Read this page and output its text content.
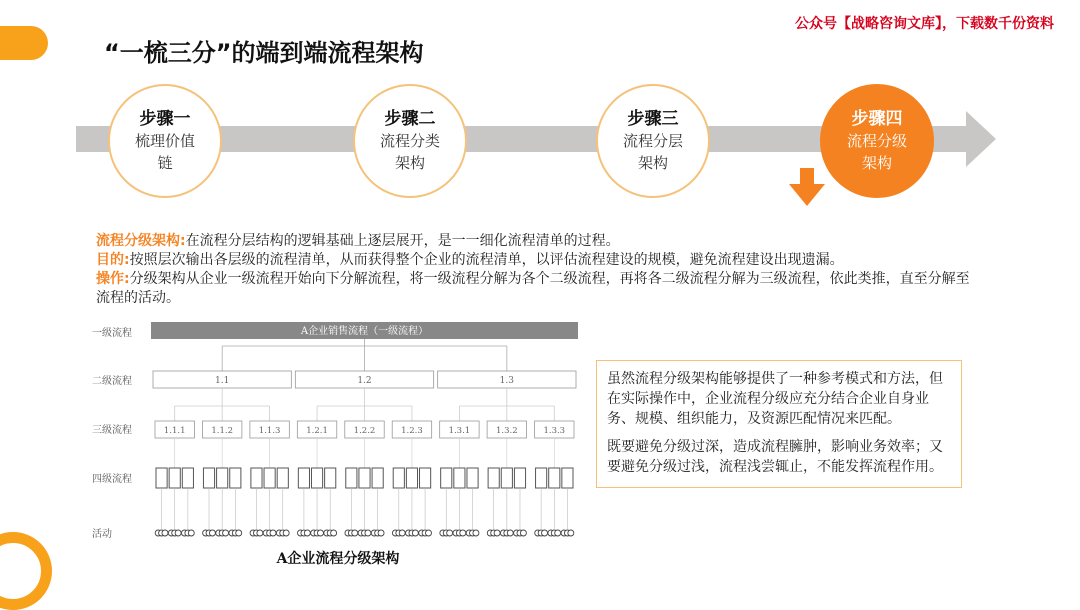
“一梳三分”的端到端流程架构
公众号【战略咨询文库】，下载数千份资料
步骤一
梳理价值链
步骤二
流程分类架构
步骤三
流程分层架构
步骤四
流程分级架构
流程分级架构:在流程分层结构的逻辑基础上逐层展开，是一一细化流程清单的过程。
目的:按照层次输出各层级的流程清单，从而获得整个企业的流程清单，以评估流程建设的规模，避免流程建设出现遗漏。
操作:分级架构从企业一级流程开始向下分解流程，将一级流程分解为各个二级流程，再将各二级流程分解为三级流程，依此类推，直至分解至流程的活动。
一级流程
二级流程
三级流程
四级流程
活动
A企业销售流程（一级流程）
1.1
1.1.1	1.1.2	1.1.3
1.2
1.2.1	1.2.2	1.2.3
1.3
1.3.1	1.3.2	1.3.3
A企业流程分级架构

虽然流程分级架构能够提供了一种参考模式和方法，但在实际操作中，企业流程分级应充分结合企业自身业务、规模、组织能力，及资源匹配情况来匹配。

既要避免分级过深，造成流程臃肿，影响业务效率；又要避免分级过浅，流程浅尝辄止，不能发挥流程作用。
